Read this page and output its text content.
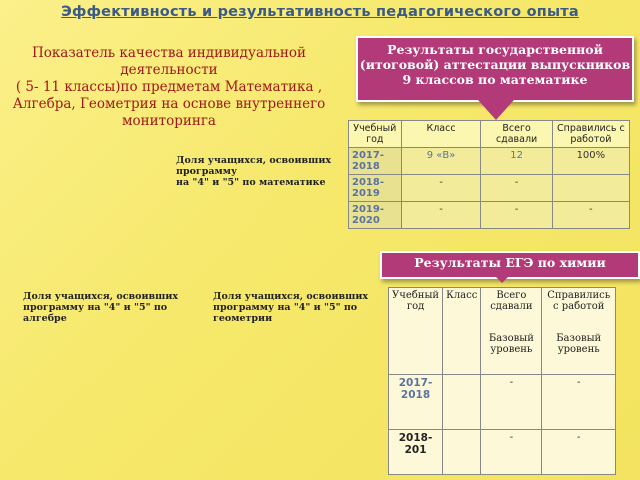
Эффективность и результативность педагогического опыта
Показатель качества индивидуальной деятельности
( 5- 11 классы)по предметам Математика , Алгебра, Геометрия на основе внутреннего мониторинга
Результаты государственной (итоговой) аттестации выпускников 9 классов по математике
Доля учащихся, освоивших
программу
на "4" и "5" по математике
Учебный год	Класс	Всего сдавали	Справились с работой
2017-2018	9 «В»	12	100%
2018-2019	-	-	
2019-2020	-	-	-
Результаты ЕГЭ по химии
Доля учащихся, освоивших
программу на "4" и "5" по алгебре
Доля учащихся, освоивших
программу на "4" и "5" по геометрии
Учебный год	Класс	Всего сдавали	Справились с работой
		Базовый уровень	Базовый уровень
2017-2018		-	-
2018-201		-	-
